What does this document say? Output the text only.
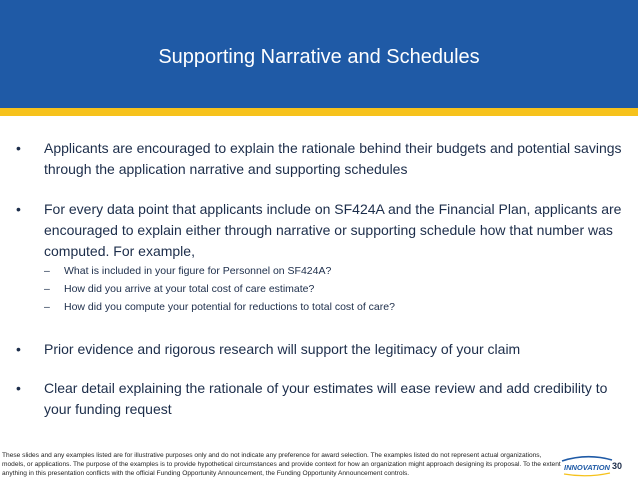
Supporting Narrative and Schedules
• Applicants are encouraged to explain the rationale behind their budgets and potential savings through the application narrative and supporting schedules
• For every data point that applicants include on SF424A and the Financial Plan, applicants are encouraged to explain either through narrative or supporting schedule how that number was computed. For example,
– What is included in your figure for Personnel on SF424A?
– How did you arrive at your total cost of care estimate?
– How did you compute your potential for reductions to total cost of care?
• Prior evidence and rigorous research will support the legitimacy of your claim
• Clear detail explaining the rationale of your estimates will ease review and add credibility to your funding request
These slides and any examples listed are for illustrative purposes only and do not indicate any preference for award selection. The examples listed do not represent actual organizations, models, or applications. The purpose of the examples is to provide hypothetical circumstances and provide context for how an organization might approach designing its proposal. To the extent anything in this presentation conflicts with the official Funding Opportunity Announcement, the Funding Opportunity Announcement controls.
INNOVATION 30
